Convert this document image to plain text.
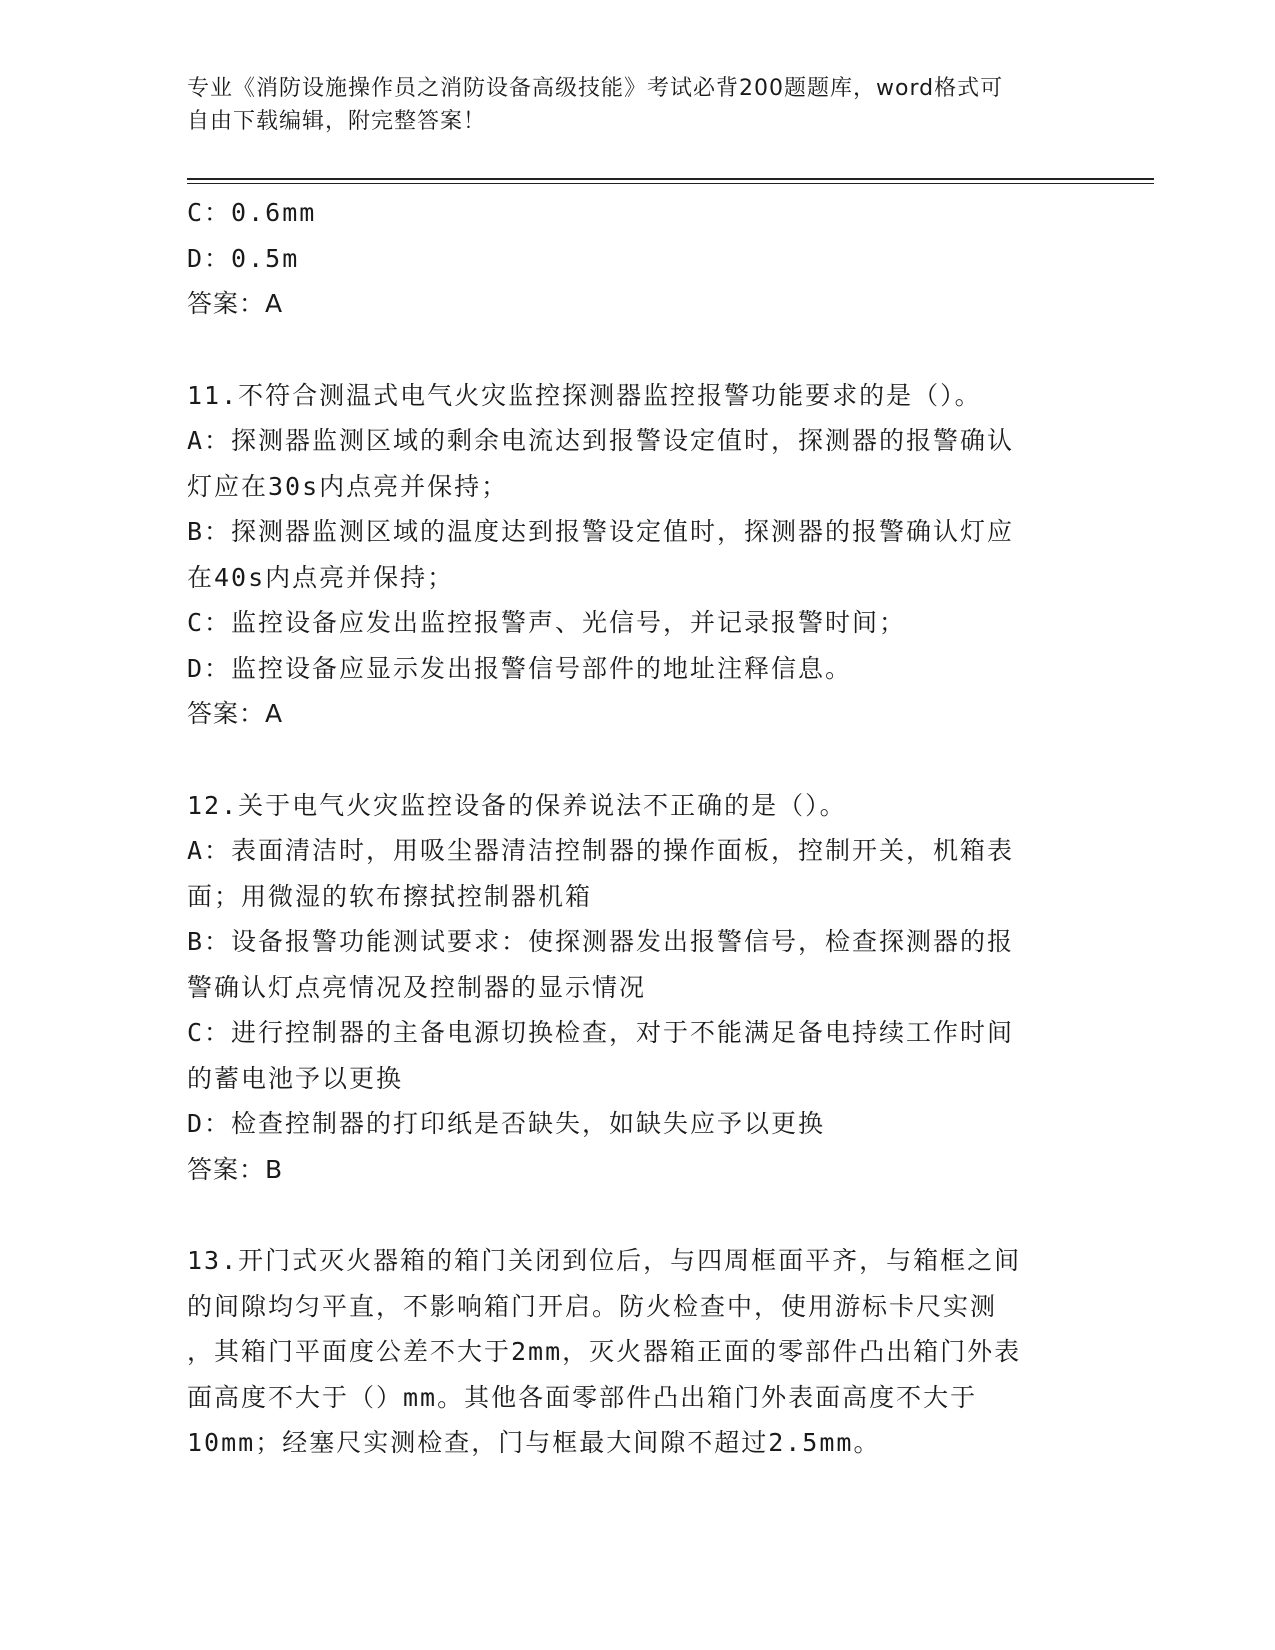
专业《消防设施操作员之消防设备高级技能》考试必背200题题库，word格式可
自由下载编辑，附完整答案！
C：0.6mm
D：0.5m
答案：A
11.不符合测温式电气火灾监控探测器监控报警功能要求的是（）。
A：探测器监测区域的剩余电流达到报警设定值时，探测器的报警确认
灯应在30s内点亮并保持；
B：探测器监测区域的温度达到报警设定值时，探测器的报警确认灯应
在40s内点亮并保持；
C：监控设备应发出监控报警声、光信号，并记录报警时间；
D：监控设备应显示发出报警信号部件的地址注释信息。
答案：A
12.关于电气火灾监控设备的保养说法不正确的是（）。
A：表面清洁时，用吸尘器清洁控制器的操作面板，控制开关，机箱表
面；用微湿的软布擦拭控制器机箱
B：设备报警功能测试要求：使探测器发出报警信号，检查探测器的报
警确认灯点亮情况及控制器的显示情况
C：进行控制器的主备电源切换检查，对于不能满足备电持续工作时间
的蓄电池予以更换
D：检查控制器的打印纸是否缺失，如缺失应予以更换
答案：B
13.开门式灭火器箱的箱门关闭到位后，与四周框面平齐，与箱框之间
的间隙均匀平直，不影响箱门开启。防火检查中，使用游标卡尺实测
，其箱门平面度公差不大于2mm，灭火器箱正面的零部件凸出箱门外表
面高度不大于（）mm。其他各面零部件凸出箱门外表面高度不大于
10mm；经塞尺实测检查，门与框最大间隙不超过2.5mm。
